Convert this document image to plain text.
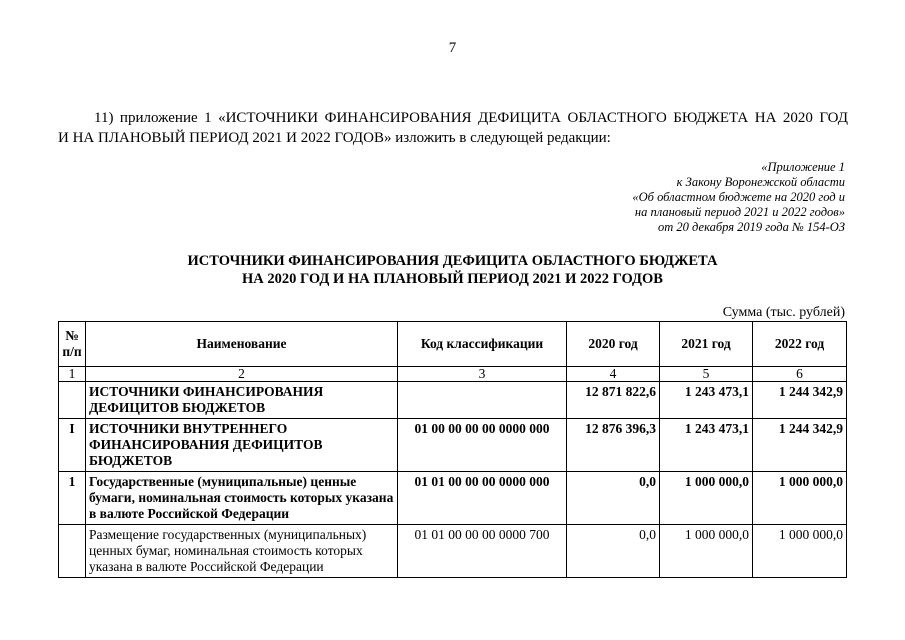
7
11) приложение 1 «ИСТОЧНИКИ ФИНАНСИРОВАНИЯ ДЕФИЦИТА ОБЛАСТНОГО БЮДЖЕТА НА 2020 ГОД
И НА ПЛАНОВЫЙ ПЕРИОД 2021 И 2022 ГОДОВ» изложить в следующей редакции:
«Приложение 1
к Закону Воронежской области
«Об областном бюджете на 2020 год и
на плановый период 2021 и 2022 годов»
от 20 декабря 2019 года № 154-ОЗ
ИСТОЧНИКИ ФИНАНСИРОВАНИЯ ДЕФИЦИТА ОБЛАСТНОГО БЮДЖЕТА
НА 2020 ГОД И НА ПЛАНОВЫЙ ПЕРИОД 2021 И 2022 ГОДОВ
Сумма (тыс. рублей)
№ п/п	Наименование	Код классификации	2020 год	2021 год	2022 год
1	2	3	4	5	6
	ИСТОЧНИКИ ФИНАНСИРОВАНИЯ ДЕФИЦИТОВ БЮДЖЕТОВ		12 871 822,6	1 243 473,1	1 244 342,9
I	ИСТОЧНИКИ ВНУТРЕННЕГО ФИНАНСИРОВАНИЯ ДЕФИЦИТОВ БЮДЖЕТОВ	01 00 00 00 00 0000 000	12 876 396,3	1 243 473,1	1 244 342,9
1	Государственные (муниципальные) ценные бумаги, номинальная стоимость которых указана в валюте Российской Федерации	01 01 00 00 00 0000 000	0,0	1 000 000,0	1 000 000,0
	Размещение государственных (муниципальных) ценных бумаг, номинальная стоимость которых указана в валюте Российской Федерации	01 01 00 00 00 0000 700	0,0	1 000 000,0	1 000 000,0
